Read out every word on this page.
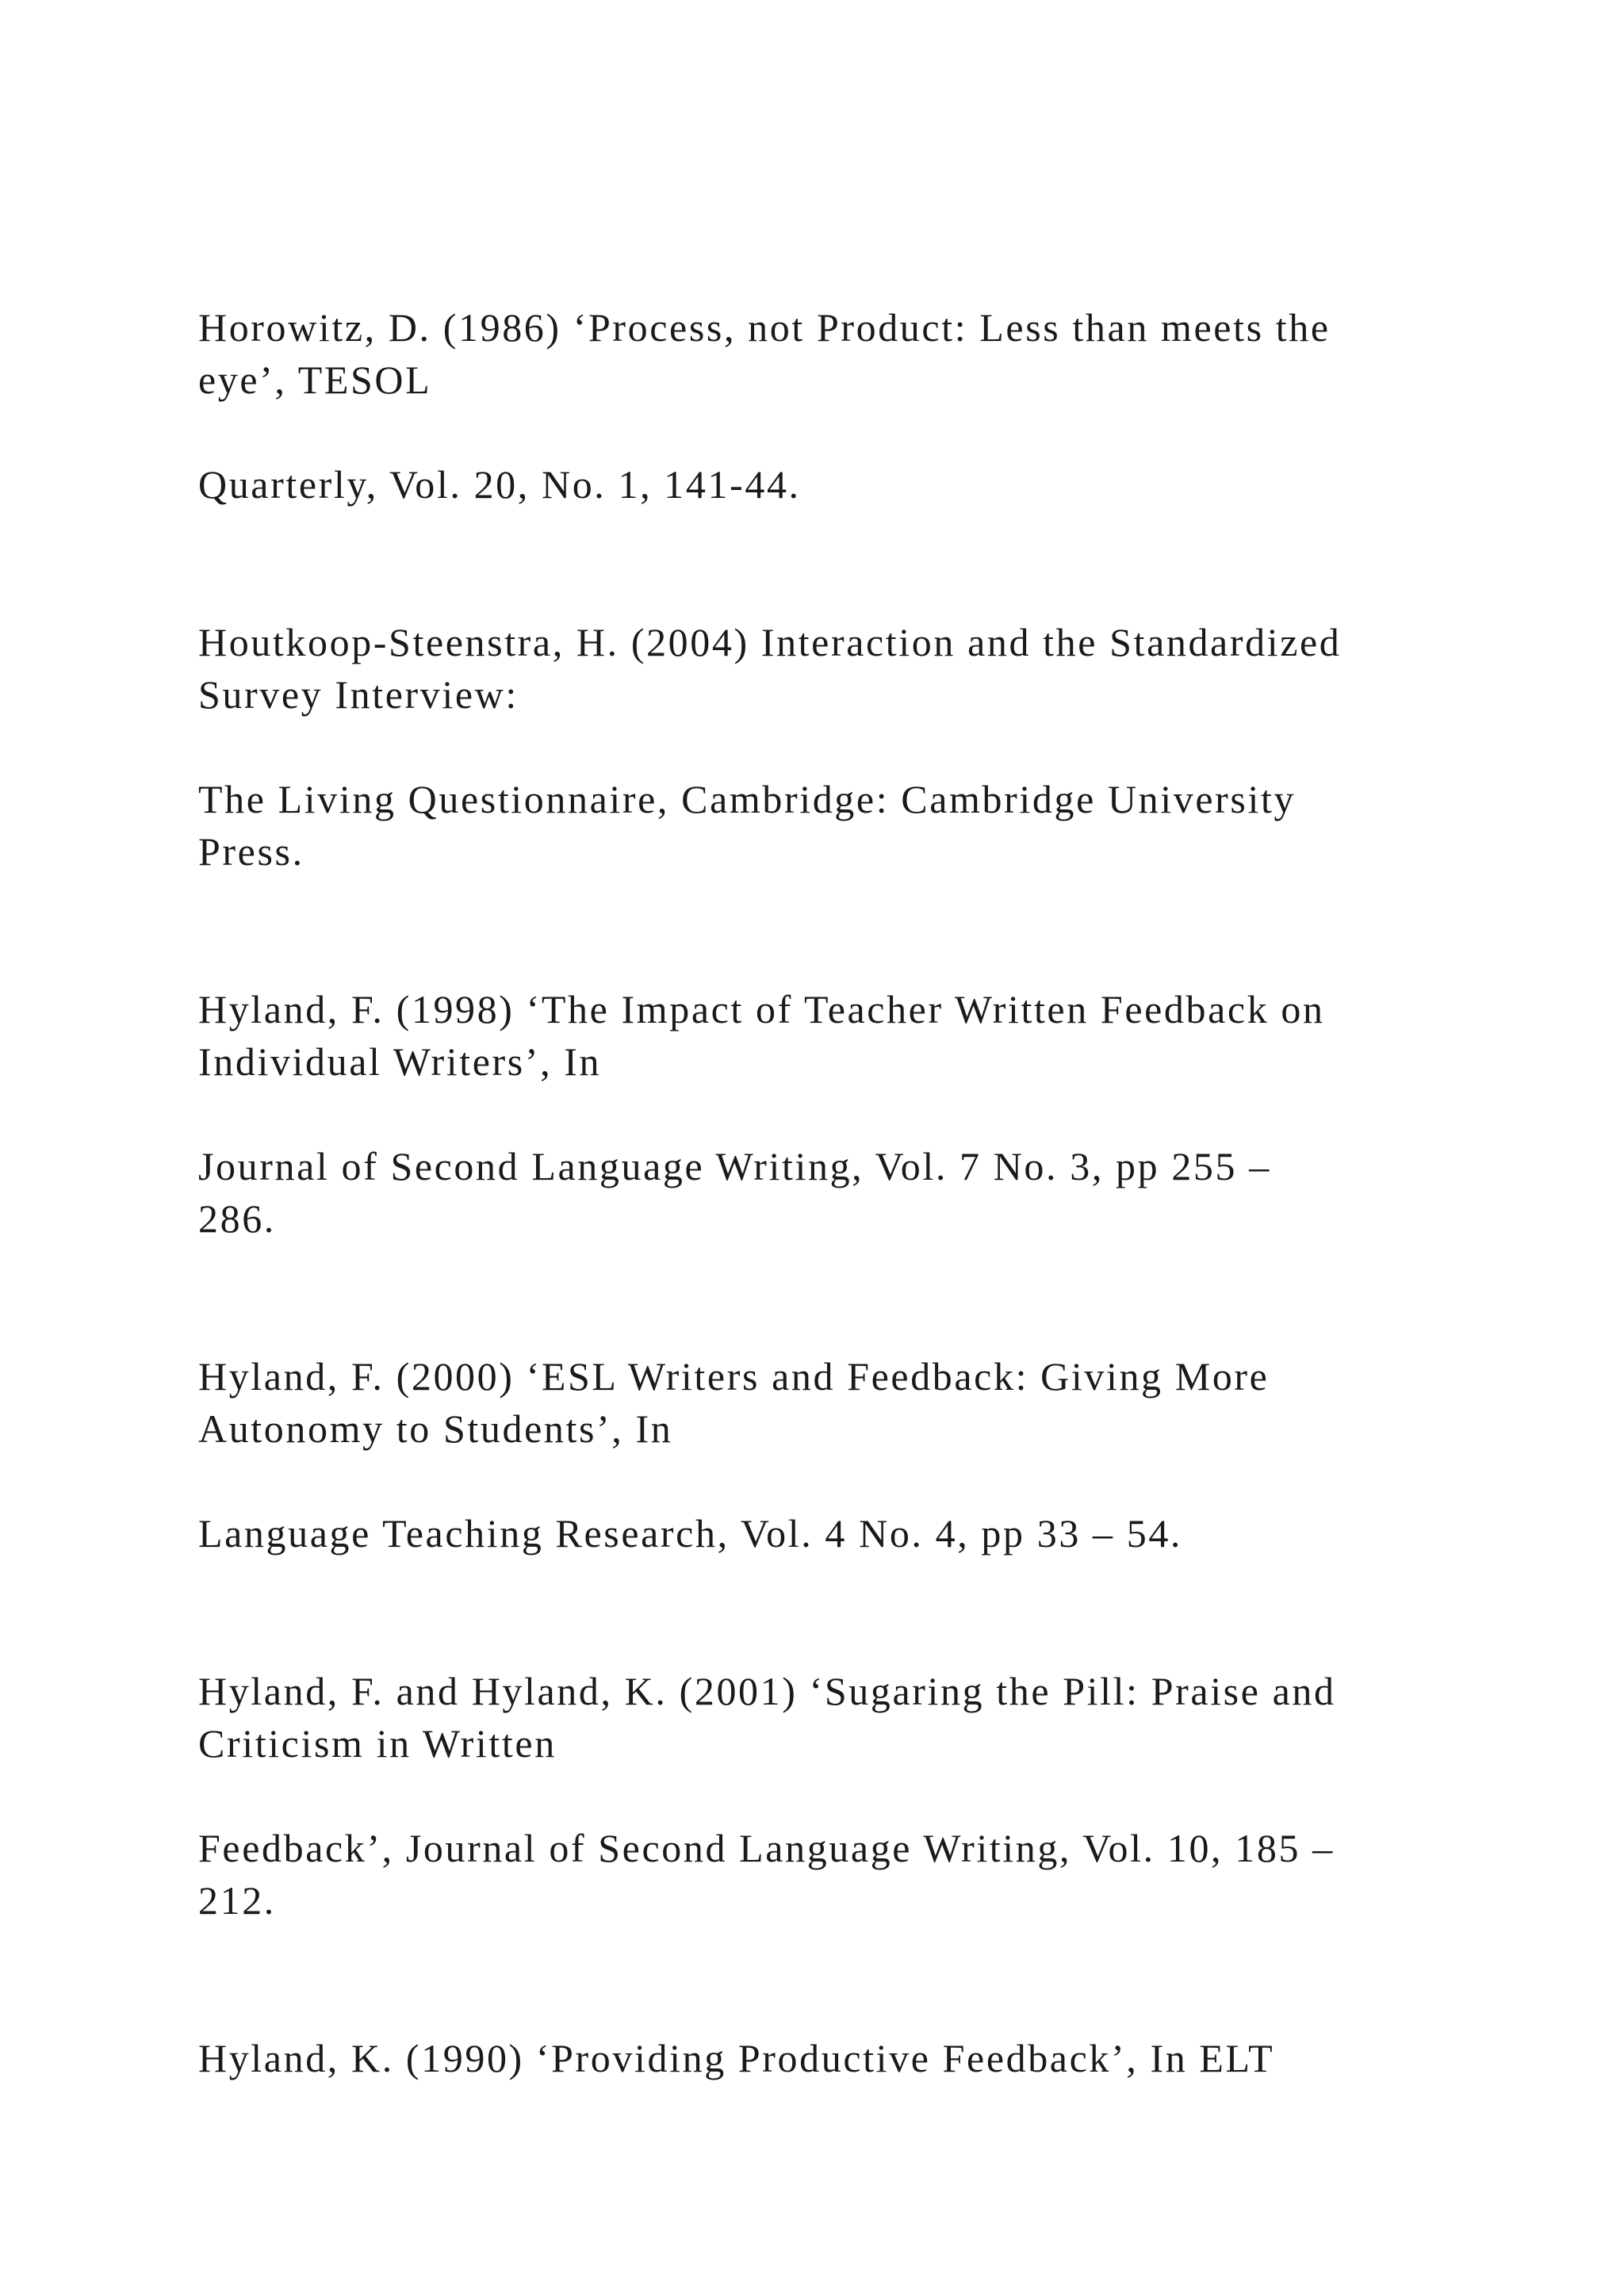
Horowitz, D. (1986) ‘Process, not Product: Less than meets the
eye’, TESOL
Quarterly, Vol. 20, No. 1, 141-44.
Houtkoop-Steenstra, H. (2004) Interaction and the Standardized
Survey Interview:
The Living Questionnaire, Cambridge: Cambridge University
Press.
Hyland, F. (1998) ‘The Impact of Teacher Written Feedback on
Individual Writers’, In
Journal of Second Language Writing, Vol. 7 No. 3, pp 255 –
286.
Hyland, F. (2000) ‘ESL Writers and Feedback: Giving More
Autonomy to Students’, In
Language Teaching Research, Vol. 4 No. 4, pp 33 – 54.
Hyland, F. and Hyland, K. (2001) ‘Sugaring the Pill: Praise and
Criticism in Written
Feedback’, Journal of Second Language Writing, Vol. 10, 185 –
212.
Hyland, K. (1990) ‘Providing Productive Feedback’, In ELT
